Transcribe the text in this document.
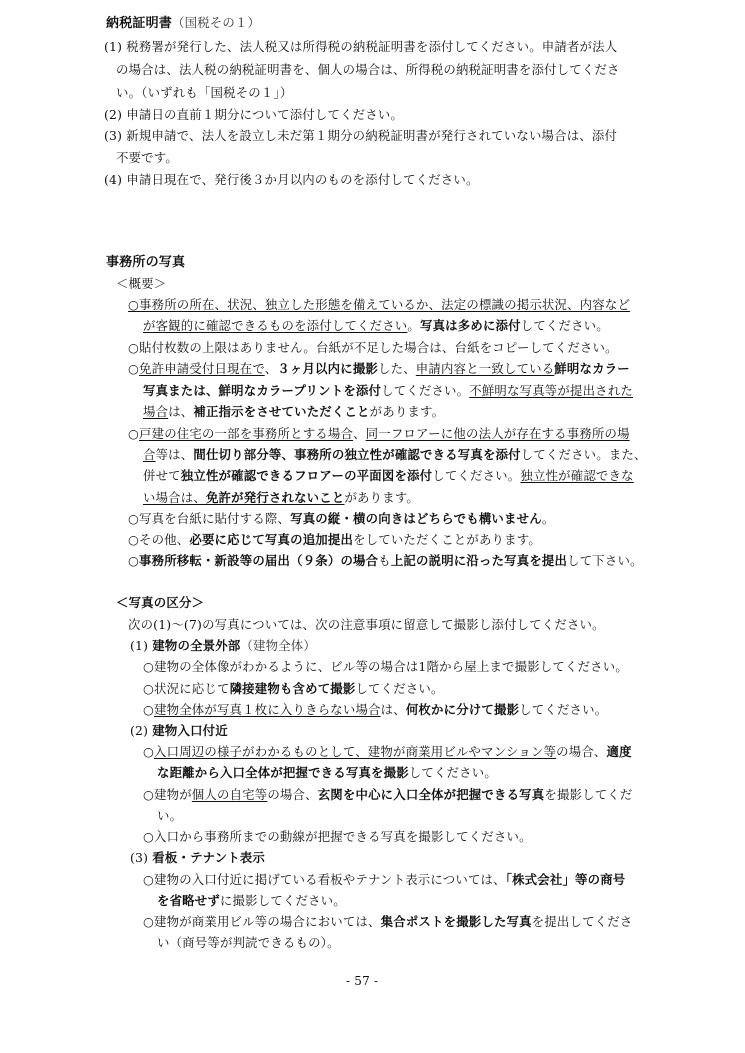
納税証明書（国税その１）
(1) 税務署が発行した、法人税又は所得税の納税証明書を添付してください。申請者が法人
の場合は、法人税の納税証明書を、個人の場合は、所得税の納税証明書を添付してくださ
い。（いずれも「国税その１」）
(2) 申請日の直前１期分について添付してください。
(3) 新規申請で、法人を設立し未だ第１期分の納税証明書が発行されていない場合は、添付
不要です。
(4) 申請日現在で、発行後３か月以内のものを添付してください。
事務所の写真
＜概要＞
○事務所の所在、状況、独立した形態を備えているか、法定の標識の掲示状況、内容など
が客観的に確認できるものを添付してください。写真は多めに添付してください。
○貼付枚数の上限はありません。台紙が不足した場合は、台紙をコピーしてください。
○免許申請受付日現在で、３ヶ月以内に撮影した、申請内容と一致している鮮明なカラー
写真または、鮮明なカラープリントを添付してください。不鮮明な写真等が提出された
場合は、補正指示をさせていただくことがあります。
○戸建の住宅の一部を事務所とする場合、同一フロアーに他の法人が存在する事務所の場
合等は、間仕切り部分等、事務所の独立性が確認できる写真を添付してください。また、
併せて独立性が確認できるフロアーの平面図を添付してください。独立性が確認できな
い場合は、免許が発行されないことがあります。
○写真を台紙に貼付する際、写真の縦・横の向きはどちらでも構いません。
○その他、必要に応じて写真の追加提出をしていただくことがあります。
○事務所移転・新設等の届出（９条）の場合も上記の説明に沿った写真を提出して下さい。
＜写真の区分＞
次の(1)～(7)の写真については、次の注意事項に留意して撮影し添付してください。
(1) 建物の全景外部（建物全体）
○建物の全体像がわかるように、ビル等の場合は1階から屋上まで撮影してください。
○状況に応じて隣接建物も含めて撮影してください。
○建物全体が写真１枚に入りきらない場合は、何枚かに分けて撮影してください。
(2) 建物入口付近
○入口周辺の様子がわかるものとして、建物が商業用ビルやマンション等の場合、適度
な距離から入口全体が把握できる写真を撮影してください。
○建物が個人の自宅等の場合、玄関を中心に入口全体が把握できる写真を撮影してくだ
い。
○入口から事務所までの動線が把握できる写真を撮影してください。
(3) 看板・テナント表示
○建物の入口付近に掲げている看板やテナント表示については、「株式会社」等の商号
を省略せずに撮影してください。
○建物が商業用ビル等の場合においては、集合ポストを撮影した写真を提出してくださ
い（商号等が判読できるもの）。
- 57 -
